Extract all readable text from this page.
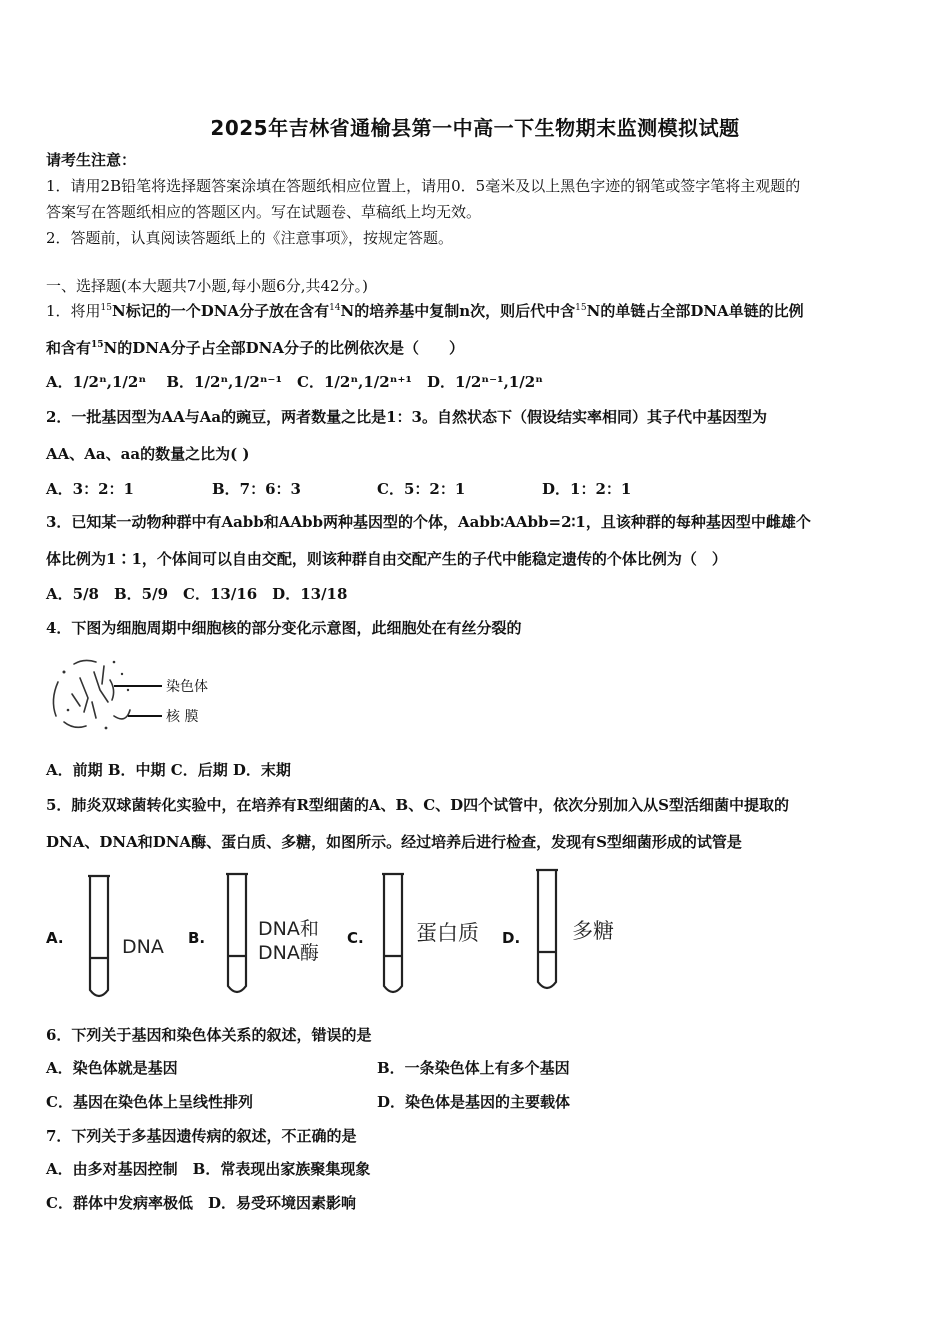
2025年吉林省通榆县第一中高一下生物期末监测模拟试题
请考生注意：
1．请用2B铅笔将选择题答案涂填在答题纸相应位置上，请用0．5毫米及以上黑色字迹的钢笔或签字笔将主观题的
答案写在答题纸相应的答题区内。写在试题卷、草稿纸上均无效。
2．答题前，认真阅读答题纸上的《注意事项》，按规定答题。
一、选择题(本大题共7小题,每小题6分,共42分。)
1．将用$^{15}$N标记的一个DNA分子放在含有$^{14}$N的培养基中复制n次，则后代中含$^{15}$N的单链占全部DNA单链的比例
和含有$^{15}$N的DNA分子占全部DNA分子的比例依次是（　　）
A．1/2ⁿ,1/2ⁿ　 B．1/2ⁿ,1/2ⁿ⁻¹　C．1/2ⁿ,1/2ⁿ⁺¹　D．1/2ⁿ⁻¹,1/2ⁿ
2．一批基因型为AA与Aa的豌豆，两者数量之比是1：3。自然状态下（假设结实率相同）其子代中基因型为
AA、Aa、aa的数量之比为( )
A．3：2：1	B．7：6：3	C．5：2：1	D．1：2：1
3．已知某一动物种群中有Aabb和AAbb两种基因型的个体，Aabb∶AAbb=2∶1，且该种群的每种基因型中雌雄个
体比例为1∶1，个体间可以自由交配，则该种群自由交配产生的子代中能稳定遗传的个体比例为（　）
A．5/8　B．5/9　C．13/16　D．13/18
4．下图为细胞周期中细胞核的部分变化示意图，此细胞处在有丝分裂的
染色体
核 膜
A．前期 B．中期 C．后期 D．末期
5．肺炎双球菌转化实验中，在培养有R型细菌的A、B、C、D四个试管中，依次分别加入从S型活细菌中提取的
DNA、DNA和DNA酶、蛋白质、多糖，如图所示。经过培养后进行检查，发现有S型细菌形成的试管是
A.	B.	C.	D.
DNA
DNA和
DNA酶
蛋白质	多糖
6．下列关于基因和染色体关系的叙述，错误的是
A．染色体就是基因	B．一条染色体上有多个基因
C．基因在染色体上呈线性排列	D．染色体是基因的主要载体
7．下列关于多基因遗传病的叙述，不正确的是
A．由多对基因控制　B．常表现出家族聚集现象
C．群体中发病率极低　D．易受环境因素影响
